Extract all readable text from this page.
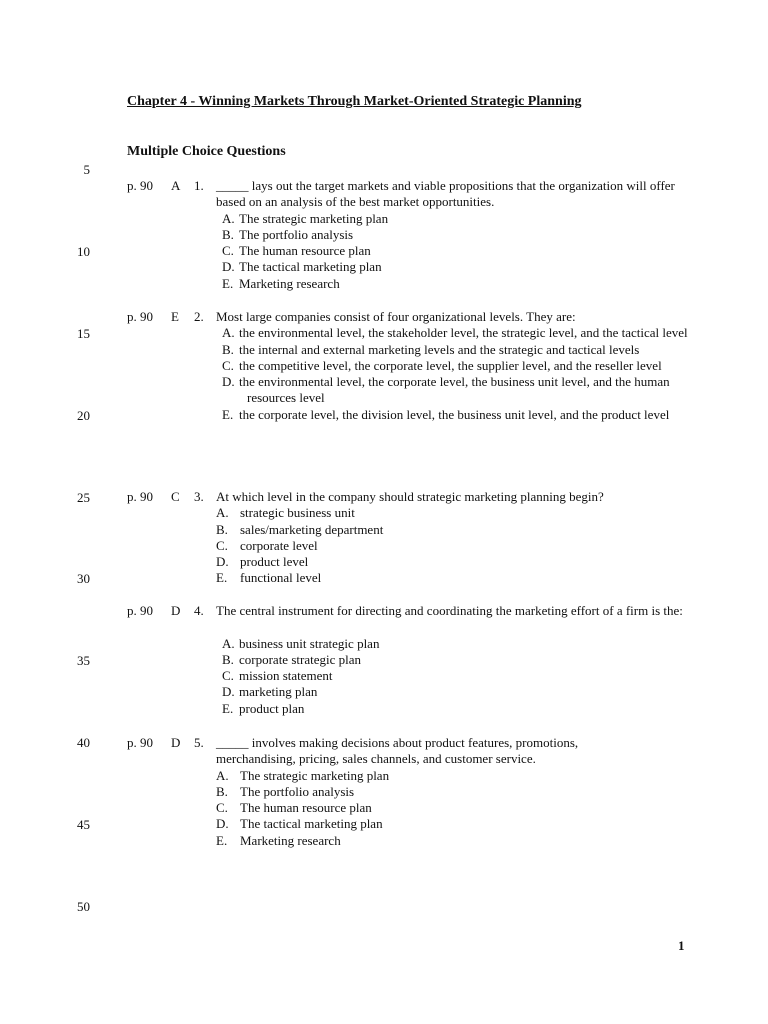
Chapter 4 - Winning Markets Through Market-Oriented Strategic Planning
Multiple Choice Questions
5
10
15
20
25
30
35
40
45
50
p. 90 A 1. _____ lays out the target markets and viable propositions that the organization will offer based on an analysis of the best market opportunities.
A. The strategic marketing plan
B. The portfolio analysis
C. The human resource plan
D. The tactical marketing plan
E. Marketing research
p. 90 E 2. Most large companies consist of four organizational levels. They are:
A. the environmental level, the stakeholder level, the strategic level, and the tactical level
B. the internal and external marketing levels and the strategic and tactical levels
C. the competitive level, the corporate level, the supplier level, and the reseller level
D. the environmental level, the corporate level, the business unit level, and the human resources level
E. the corporate level, the division level, the business unit level, and the product level
p. 90 C 3. At which level in the company should strategic marketing planning begin?
A. strategic business unit
B. sales/marketing department
C. corporate level
D. product level
E. functional level
p. 90 D 4. The central instrument for directing and coordinating the marketing effort of a firm is the:
A. business unit strategic plan
B. corporate strategic plan
C. mission statement
D. marketing plan
E. product plan
p. 90 D 5. _____ involves making decisions about product features, promotions, merchandising, pricing, sales channels, and customer service.
A. The strategic marketing plan
B. The portfolio analysis
C. The human resource plan
D. The tactical marketing plan
E. Marketing research
1
